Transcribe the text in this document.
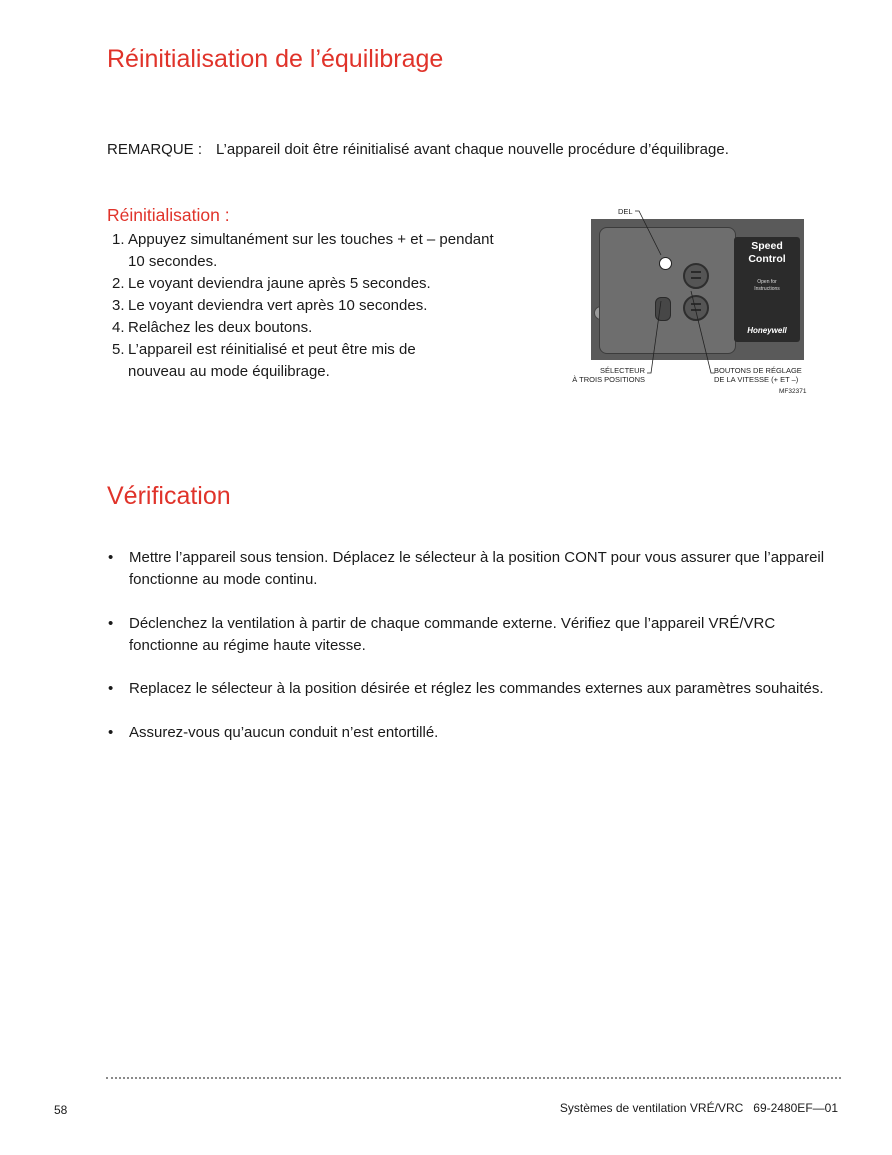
Réinitialisation de l’équilibrage
REMARQUE : L’appareil doit être réinitialisé avant chaque nouvelle procédure d’équilibrage.
Réinitialisation :
1. Appuyez simultanément sur les touches + et – pendant
10 secondes.
2. Le voyant deviendra jaune après 5 secondes.
3. Le voyant deviendra vert après 10 secondes.
4. Relâchez les deux boutons.
5. L’appareil est réinitialisé et peut être mis de
nouveau au mode équilibrage.
Speed
Control
Open for
Instructions
Honeywell
DEL
SÉLECTEUR
À TROIS POSITIONS
BOUTONS DE RÉGLAGE
DE LA VITESSE (+ ET –)
MF32371
Vérification
• Mettre l’appareil sous tension. Déplacez le sélecteur à la position CONT pour vous assurer que l’appareil
fonctionne au mode continu.
• Déclenchez la ventilation à partir de chaque commande externe. Vérifiez que l’appareil VRÉ/VRC
fonctionne au régime haute vitesse.
• Replacez le sélecteur à la position désirée et réglez les commandes externes aux paramètres souhaités.
• Assurez-vous qu’aucun conduit n’est entortillé.
58	Systèmes de ventilation VRÉ/VRC   69-2480EF—01
